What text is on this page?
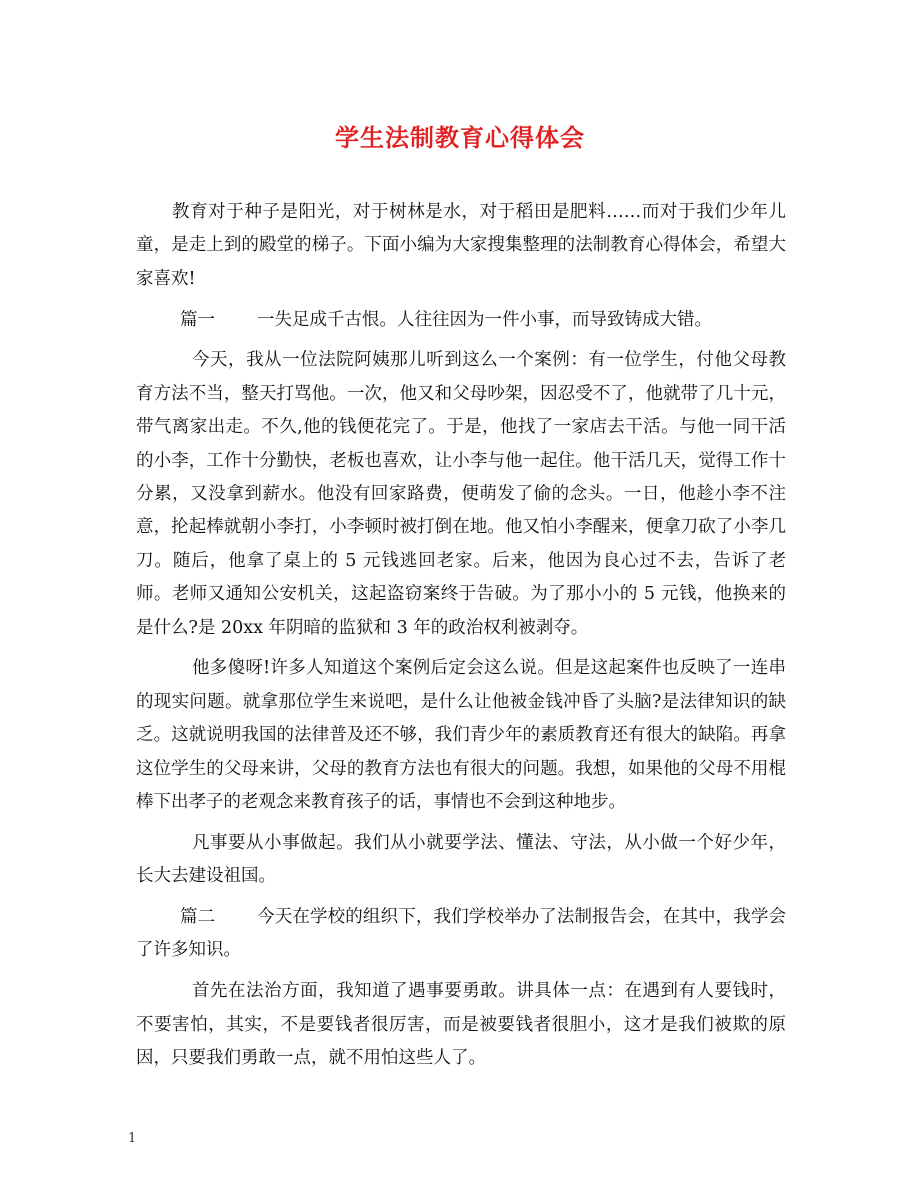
学生法制教育心得体会

教育对于种子是阳光，对于树林是水，对于稻田是肥料……而对于我们少年儿童，是走上到的殿堂的梯子。下面小编为大家搜集整理的法制教育心得体会，希望大家喜欢!

篇一 一失足成千古恨。人往往因为一件小事，而导致铸成大错。

今天，我从一位法院阿姨那儿听到这么一个案例：有一位学生，付他父母教育方法不当，整天打骂他。一次，他又和父母吵架，因忍受不了，他就带了几十元，带气离家出走。不久,他的钱便花完了。于是，他找了一家店去干活。与他一同干活的小李，工作十分勤快，老板也喜欢，让小李与他一起住。他干活几天，觉得工作十分累，又没拿到薪水。他没有回家路费，便萌发了偷的念头。一日，他趁小李不注意，抡起棒就朝小李打，小李顿时被打倒在地。他又怕小李醒来，便拿刀砍了小李几刀。随后，他拿了桌上的 5 元钱逃回老家。后来，他因为良心过不去，告诉了老师。老师又通知公安机关，这起盗窃案终于告破。为了那小小的 5 元钱，他换来的是什么?是 20xx 年阴暗的监狱和 3 年的政治权利被剥夺。

他多傻呀!许多人知道这个案例后定会这么说。但是这起案件也反映了一连串的现实问题。就拿那位学生来说吧，是什么让他被金钱冲昏了头脑?是法律知识的缺乏。这就说明我国的法律普及还不够，我们青少年的素质教育还有很大的缺陷。再拿这位学生的父母来讲，父母的教育方法也有很大的问题。我想，如果他的父母不用棍棒下出孝子的老观念来教育孩子的话，事情也不会到这种地步。

凡事要从小事做起。我们从小就要学法、懂法、守法，从小做一个好少年，长大去建设祖国。

篇二 今天在学校的组织下，我们学校举办了法制报告会，在其中，我学会了许多知识。

首先在法治方面，我知道了遇事要勇敢。讲具体一点：在遇到有人要钱时，不要害怕，其实，不是要钱者很厉害，而是被要钱者很胆小，这才是我们被欺的原因，只要我们勇敢一点，就不用怕这些人了。

1
